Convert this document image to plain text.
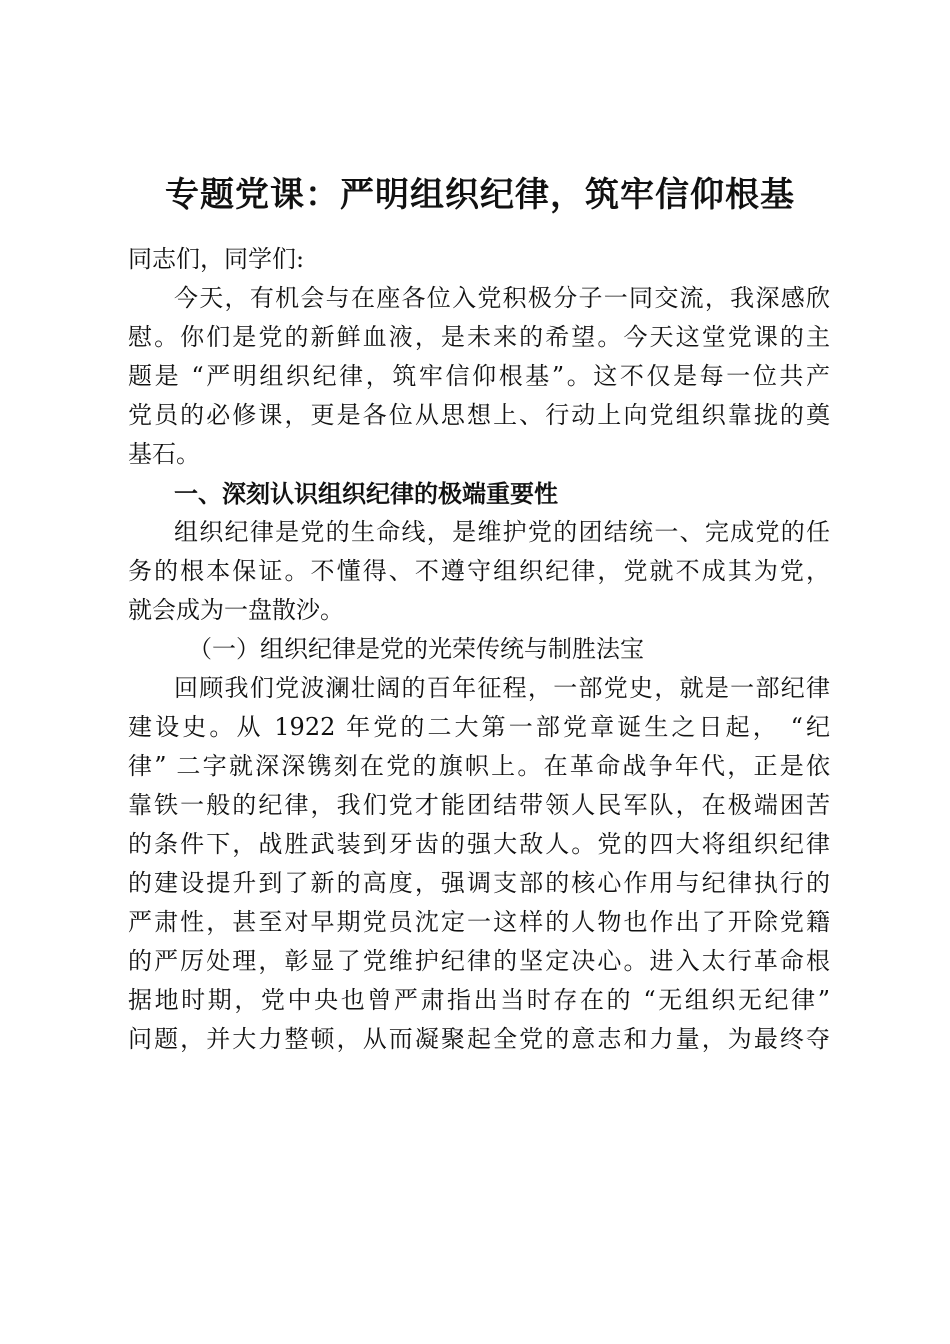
专题党课：严明组织纪律，筑牢信仰根基

同志们，同学们:

今天，有机会与在座各位入党积极分子一同交流，我深感欣

慰。你们是党的新鲜血液，是未来的希望。今天这堂党课的主

题是 “严明组织纪律，筑牢信仰根基”。这不仅是每一位共产

党员的必修课，更是各位从思想上、行动上向党组织靠拢的奠

基石。

一、深刻认识组织纪律的极端重要性

组织纪律是党的生命线，是维护党的团结统一、完成党的任

务的根本保证。不懂得、不遵守组织纪律，党就不成其为党，

就会成为一盘散沙。

（一）组织纪律是党的光荣传统与制胜法宝

回顾我们党波澜壮阔的百年征程，一部党史，就是一部纪律

建设史。从 1922 年党的二大第一部党章诞生之日起， “纪

律” 二字就深深镌刻在党的旗帜上。在革命战争年代，正是依

靠铁一般的纪律，我们党才能团结带领人民军队，在极端困苦

的条件下，战胜武装到牙齿的强大敌人。党的四大将组织纪律

的建设提升到了新的高度，强调支部的核心作用与纪律执行的

严肃性，甚至对早期党员沈定一这样的人物也作出了开除党籍

的严厉处理，彰显了党维护纪律的坚定决心。进入太行革命根

据地时期，党中央也曾严肃指出当时存在的 “无组织无纪律”

问题，并大力整顿，从而凝聚起全党的意志和力量，为最终夺
